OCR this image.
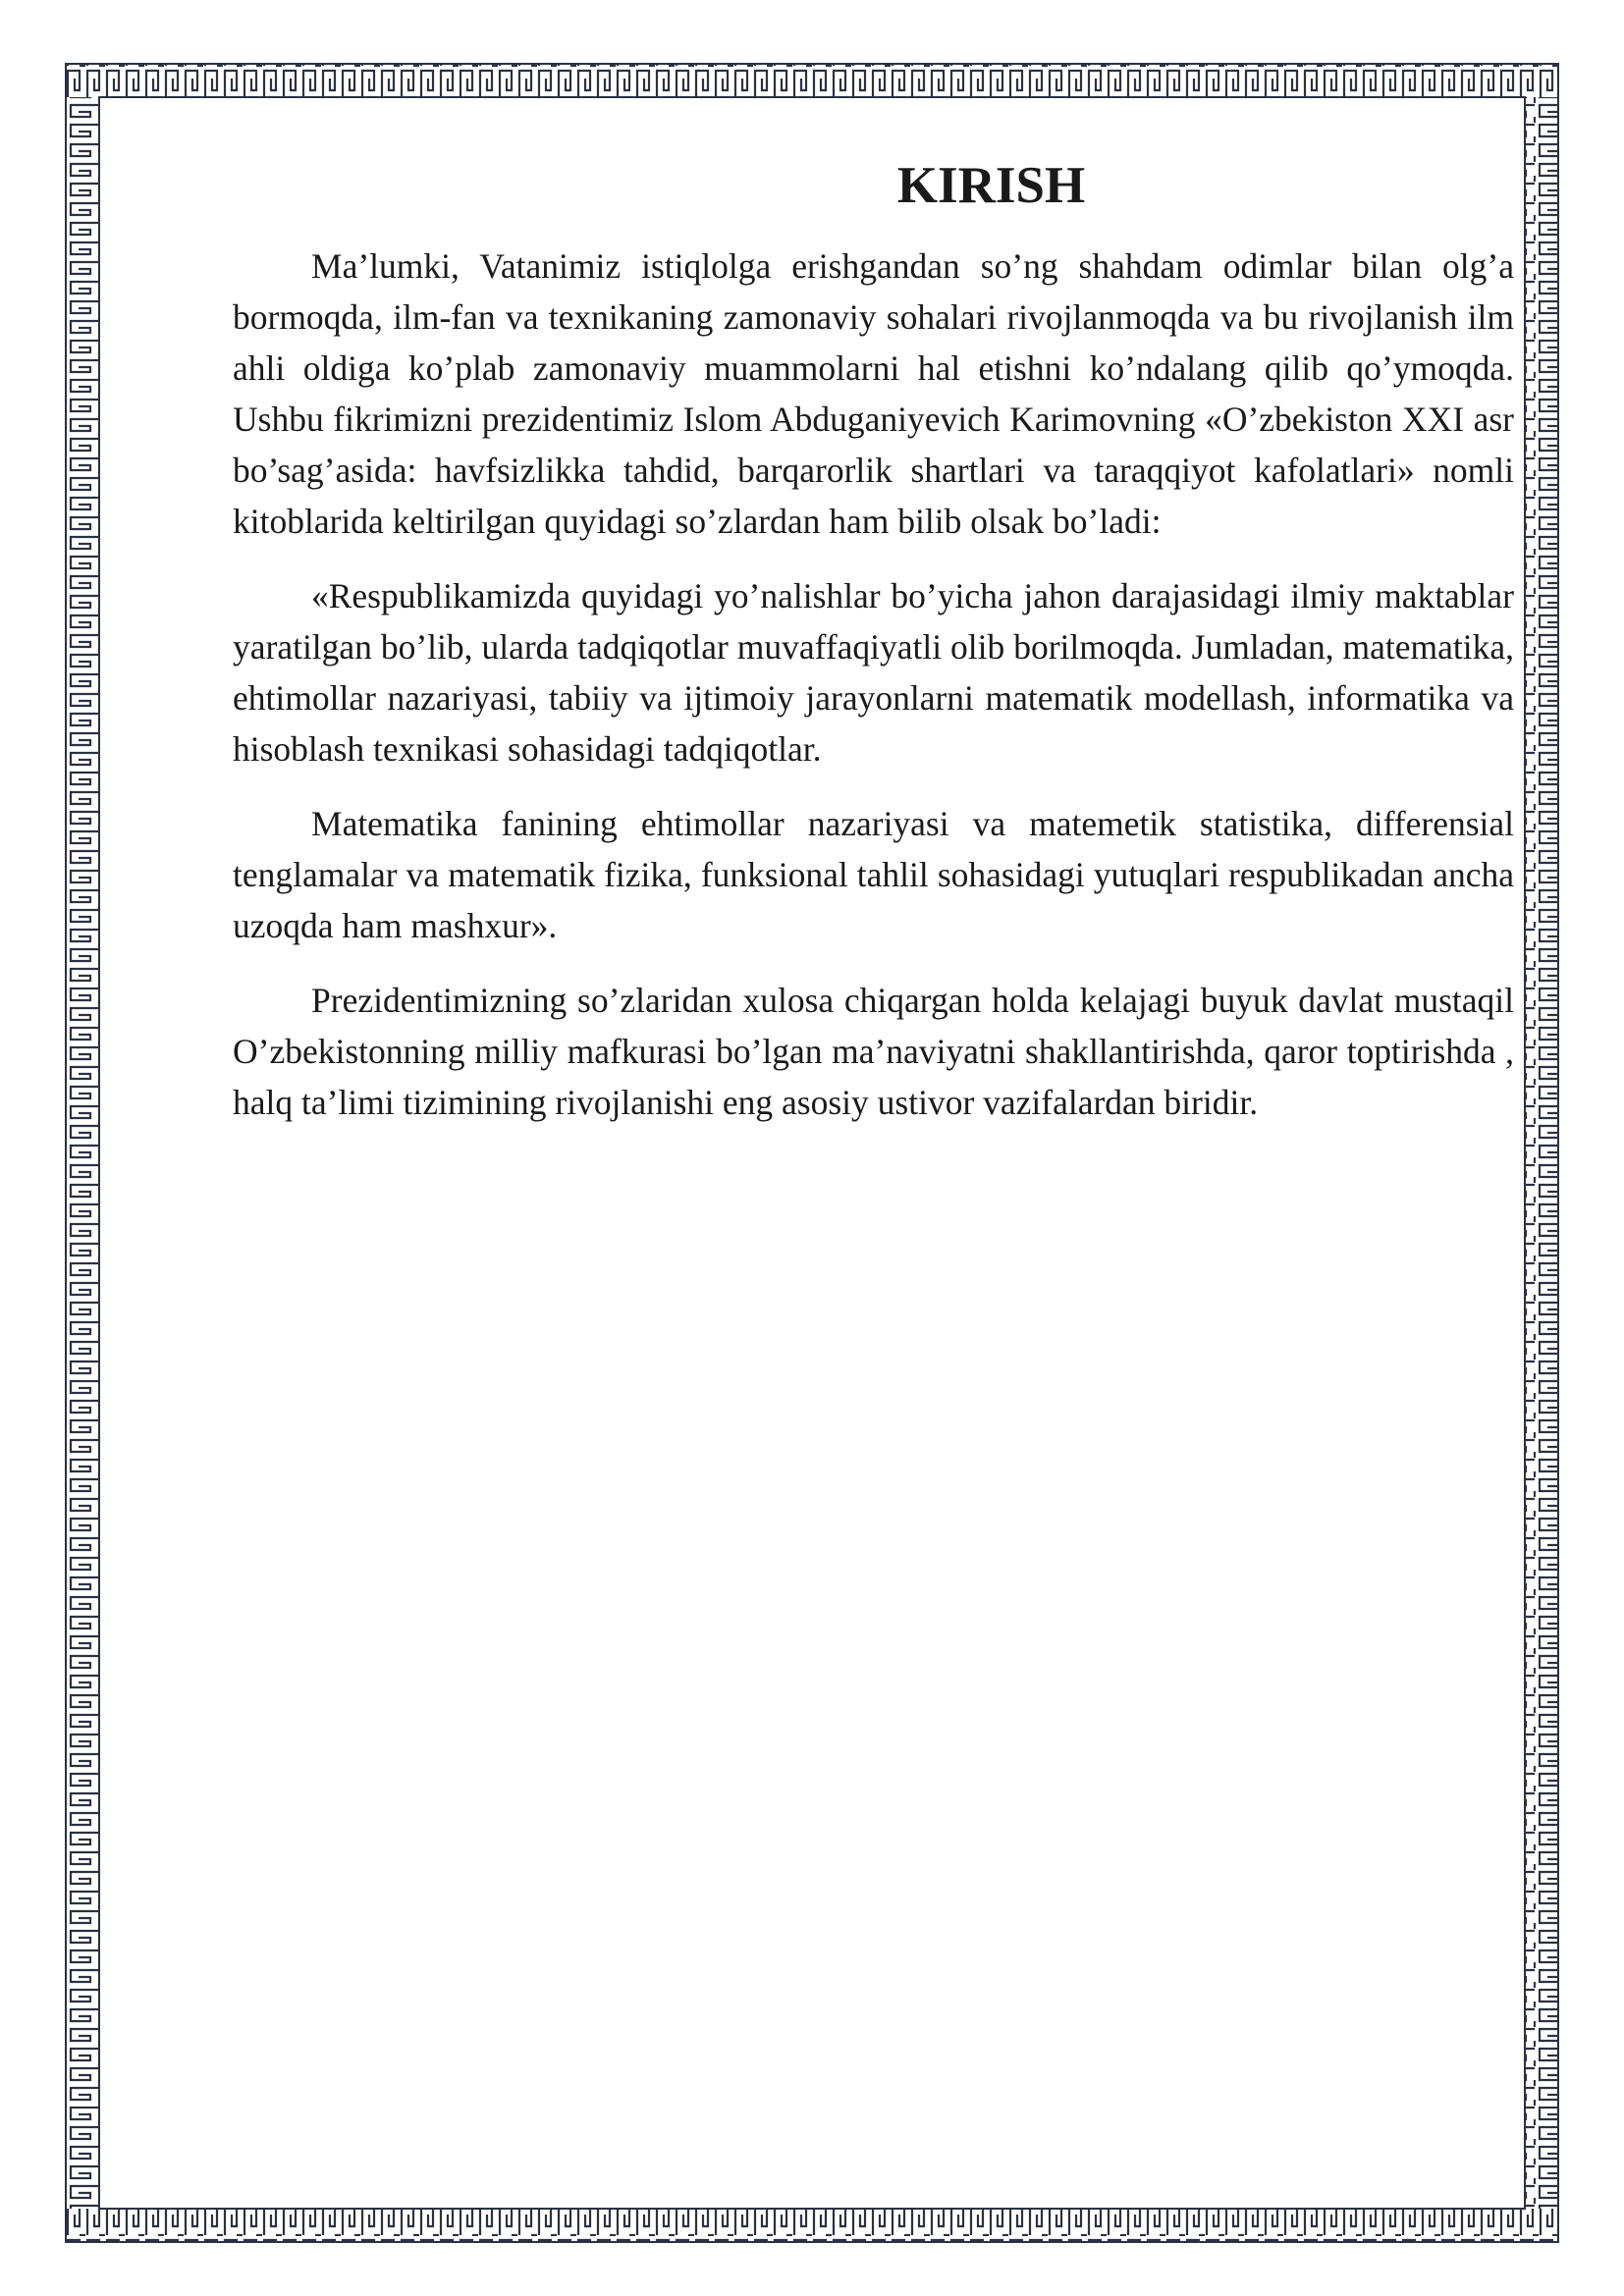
KIRISH

Ma’lumki, Vatanimiz istiqlolga erishgandan so’ng shahdam odimlar bilan olg’a bormoqda, ilm-fan va texnikaning zamonaviy sohalari rivojlanmoqda va bu rivojlanish ilm ahli oldiga ko’plab zamonaviy muammolarni hal etishni ko’ndalang qilib qo’ymoqda. Ushbu fikrimizni prezidentimiz Islom Abduganiyevich Karimovning «O’zbekiston XXI asr bo’sag’asida: havfsizlikka tahdid, barqarorlik shartlari va taraqqiyot kafolatlari» nomli kitoblarida keltirilgan quyidagi so’zlardan ham bilib olsak bo’ladi:

«Respublikamizda quyidagi yo’nalishlar bo’yicha jahon darajasidagi ilmiy maktablar yaratilgan bo’lib, ularda tadqiqotlar muvaffaqiyatli olib borilmoqda. Jumladan, matematika, ehtimollar nazariyasi, tabiiy va ijtimoiy jarayonlarni matematik modellash, informatika va hisoblash texnikasi sohasidagi tadqiqotlar.

Matematika fanining ehtimollar nazariyasi va matemetik statistika, differensial tenglamalar va matematik fizika, funksional tahlil sohasidagi yutuqlari respublikadan ancha uzoqda ham mashxur».

Prezidentimizning so’zlaridan xulosa chiqargan holda kelajagi buyuk davlat mustaqil O’zbekistonning milliy mafkurasi bo’lgan ma’naviyatni shakllantirishda, qaror toptirishda , halq ta’limi tizimining rivojlanishi eng asosiy ustivor vazifalardan biridir.
